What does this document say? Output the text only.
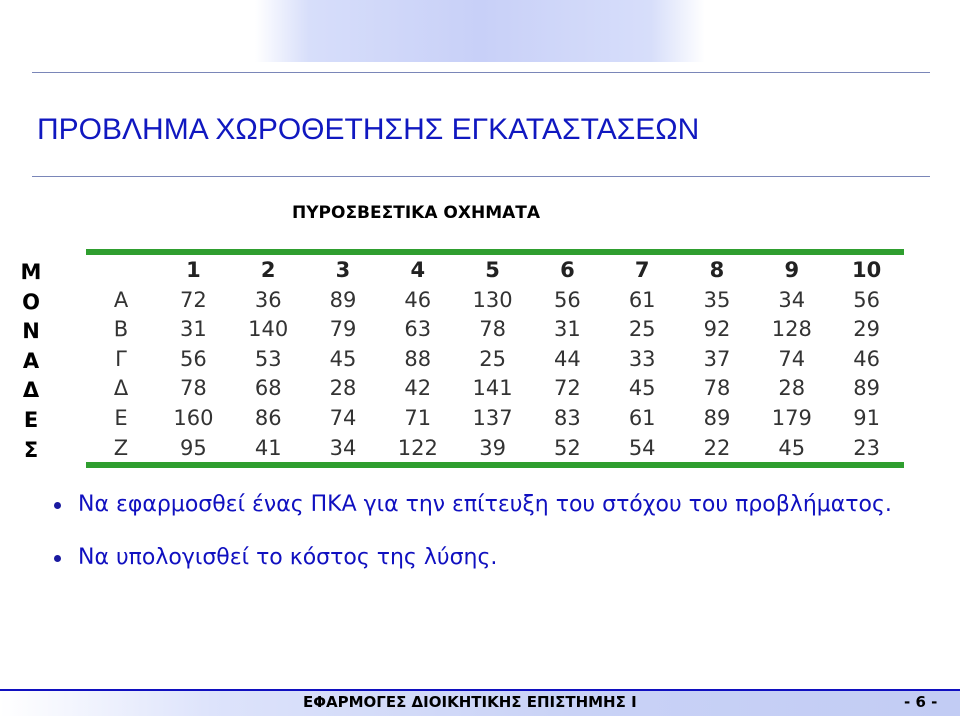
ΠΡΟΒΛΗΜΑ ΧΩΡΟΘΕΤΗΣΗΣ ΕΓΚΑΤΑΣΤΑΣΕΩΝ
ΠΥΡΟΣΒΕΣΤΙΚΑ ΟΧΗΜΑΤΑ
Μ
Ο
Ν
Α
Δ
Ε
Σ
	1	2	3	4	5	6	7	8	9	10
Α	72	36	89	46	130	56	61	35	34	56
Β	31	140	79	63	78	31	25	92	128	29
Γ	56	53	45	88	25	44	33	37	74	46
Δ	78	68	28	42	141	72	45	78	28	89
Ε	160	86	74	71	137	83	61	89	179	91
Ζ	95	41	34	122	39	52	54	22	45	23
Να εφαρμοσθεί ένας ΠΚΑ για την επίτευξη του στόχου του προβλήματος.
Να υπολογισθεί το κόστος της λύσης.
ΕΦΑΡΜΟΓΕΣ ΔΙΟΙΚΗΤΙΚΗΣ ΕΠΙΣΤΗΜΗΣ Ι	- 6 -
